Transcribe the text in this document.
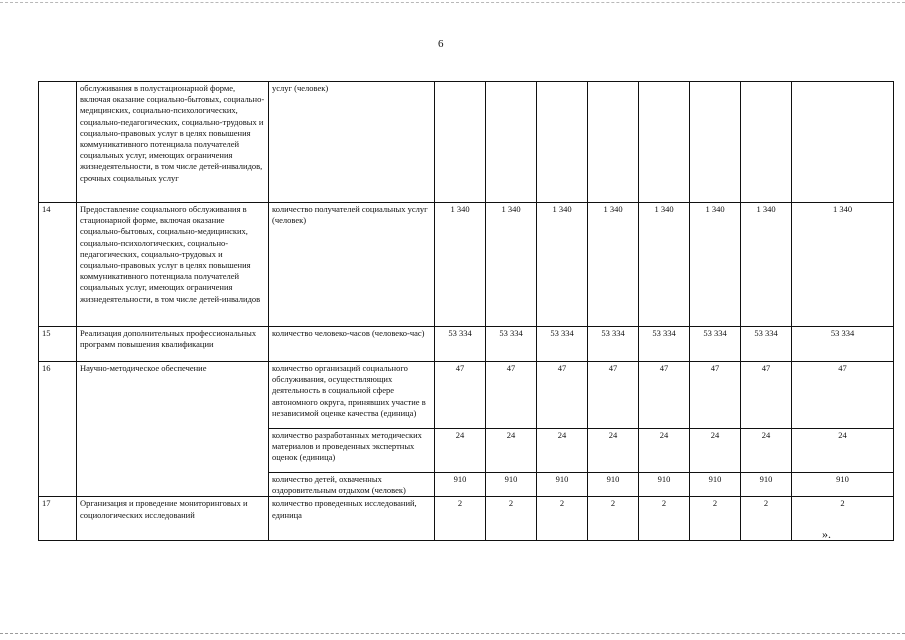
6
	обслуживания в полустационарной форме, включая оказание социально-бытовых, социально-медицинских, социально-психологических, социально-педагогических, социально-трудовых и социально-правовых услуг в целях повышения коммуникативного потенциала получателей социальных услуг, имеющих ограничения жизнедеятельности, в том числе детей-инвалидов, срочных социальных услуг	услуг (человек)								
14	Предоставление социального обслуживания в стационарной форме, включая оказание социально-бытовых, социально-медицинских, социально-психологических, социально-педагогических, социально-трудовых и социально-правовых услуг в целях повышения коммуникативного потенциала получателей социальных услуг, имеющих ограничения жизнедеятельности, в том числе детей-инвалидов	количество получателей социальных услуг (человек)	1 340	1 340	1 340	1 340	1 340	1 340	1 340	1 340
15	Реализация дополнительных профессиональных программ повышения квалификации	количество человеко-часов (человеко-час)	53 334	53 334	53 334	53 334	53 334	53 334	53 334	53 334
16	Научно-методическое обеспечение	количество организаций социального обслуживания, осуществляющих деятельность в социальной сфере автономного округа, принявших участие в независимой оценке качества (единица)	47	47	47	47	47	47	47	47
		количество разработанных методических материалов и проведенных экспертных оценок (единица)	24	24	24	24	24	24	24	24
		количество детей, охваченных оздоровительным отдыхом (человек)	910	910	910	910	910	910	910	910
17	Организация и проведение мониторинговых и социологических исследований	количество проведенных исследований, единица	2	2	2	2	2	2	2	2
».
